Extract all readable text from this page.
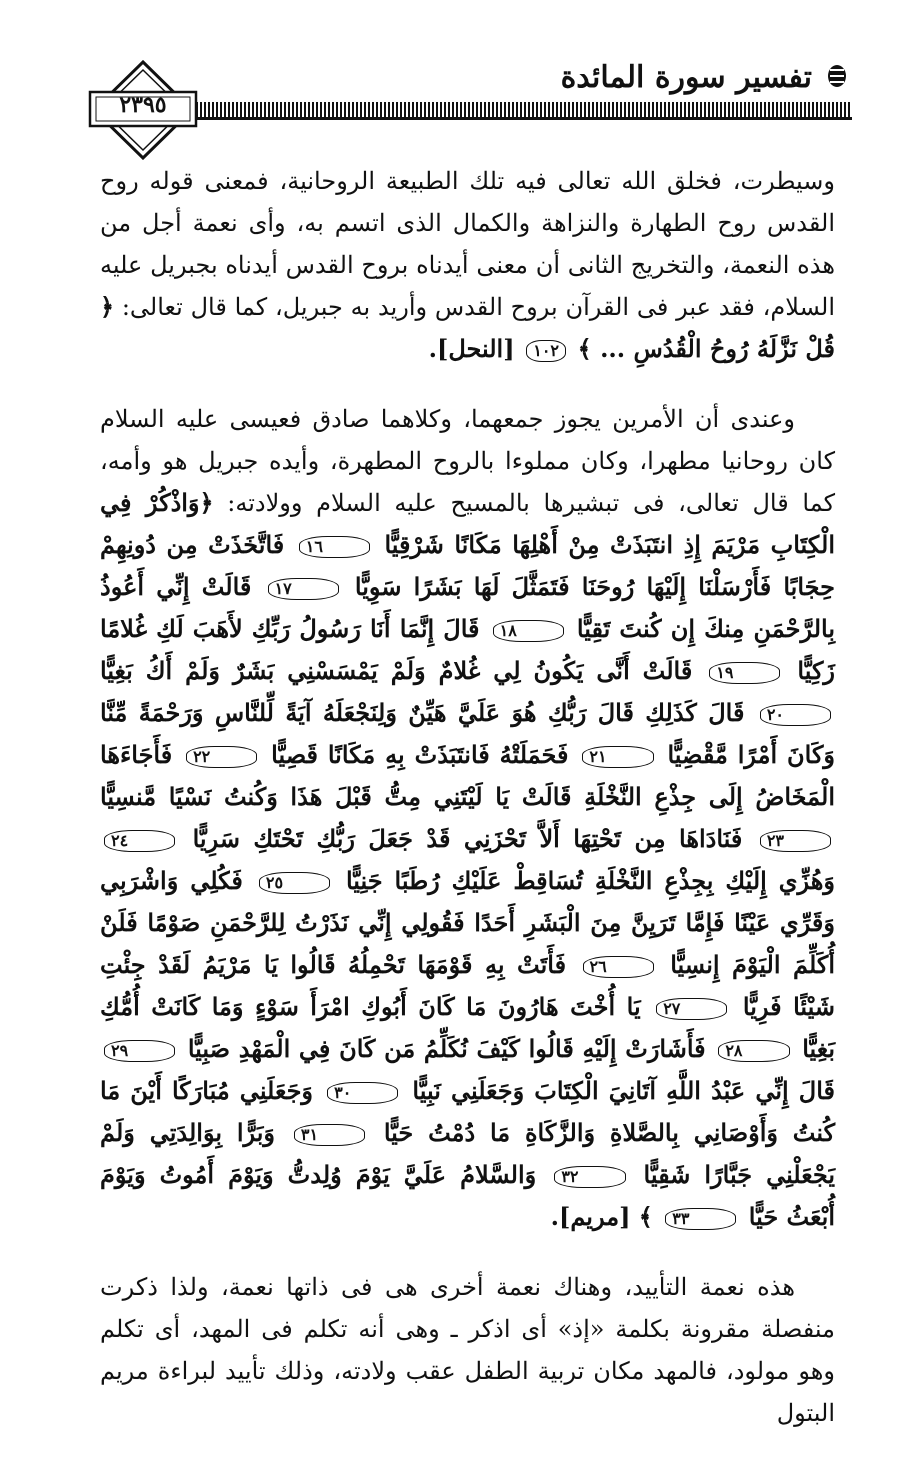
تفسير سورة المائدة
٢٣٩٥

وسيطرت، فخلق الله تعالى فيه تلك الطبيعة الروحانية، فمعنى قوله روح القدس روح الطهارة والنزاهة والكمال الذى اتسم به، وأى نعمة أجل من هذه النعمة، والتخريج الثانى أن معنى أيدناه بروح القدس أيدناه بجبريل عليه السلام، فقد عبر فى القرآن بروح القدس وأريد به جبريل، كما قال تعالى: ﴿ قُلْ نَزَّلَهُ رُوحُ الْقُدُسِ ... ﴾ ١٠٢ [النحل].

وعندى أن الأمرين يجوز جمعهما، وكلاهما صادق فعيسى عليه السلام كان روحانيا مطهرا، وكان مملوءا بالروح المطهرة، وأيده جبريل هو وأمه، كما قال تعالى، فى تبشيرها بالمسيح عليه السلام وولادته: ﴿وَاذْكُرْ فِي الْكِتَابِ مَرْيَمَ إِذِ انتَبَذَتْ مِنْ أَهْلِهَا مَكَانًا شَرْقِيًّا ١٦ فَاتَّخَذَتْ مِن دُونِهِمْ حِجَابًا فَأَرْسَلْنَا إِلَيْهَا رُوحَنَا فَتَمَثَّلَ لَهَا بَشَرًا سَوِيًّا ١٧ قَالَتْ إِنِّي أَعُوذُ بِالرَّحْمَنِ مِنكَ إِن كُنتَ تَقِيًّا ١٨ قَالَ إِنَّمَا أَنَا رَسُولُ رَبِّكِ لأَهَبَ لَكِ غُلامًا زَكِيًّا ١٩ قَالَتْ أَنَّى يَكُونُ لِي غُلامٌ وَلَمْ يَمْسَسْنِي بَشَرٌ وَلَمْ أَكُ بَغِيًّا ٢٠ قَالَ كَذَلِكِ قَالَ رَبُّكِ هُوَ عَلَيَّ هَيِّنٌ وَلِنَجْعَلَهُ آيَةً لِّلنَّاسِ وَرَحْمَةً مِّنَّا وَكَانَ أَمْرًا مَّقْضِيًّا ٢١ فَحَمَلَتْهُ فَانتَبَذَتْ بِهِ مَكَانًا قَصِيًّا ٢٢ فَأَجَاءَهَا الْمَخَاضُ إِلَى جِذْعِ النَّخْلَةِ قَالَتْ يَا لَيْتَنِي مِتُّ قَبْلَ هَذَا وَكُنتُ نَسْيًا مَّنسِيًّا ٢٣ فَنَادَاهَا مِن تَحْتِهَا أَلاَّ تَحْزَنِي قَدْ جَعَلَ رَبُّكِ تَحْتَكِ سَرِيًّا ٢٤ وَهُزِّي إِلَيْكِ بِجِذْعِ النَّخْلَةِ تُسَاقِطْ عَلَيْكِ رُطَبًا جَنِيًّا ٢٥ فَكُلِي وَاشْرَبِي وَقَرِّي عَيْنًا فَإِمَّا تَرَيِنَّ مِنَ الْبَشَرِ أَحَدًا فَقُولِي إِنِّي نَذَرْتُ لِلرَّحْمَنِ صَوْمًا فَلَنْ أُكَلِّمَ الْيَوْمَ إِنسِيًّا ٢٦ فَأَتَتْ بِهِ قَوْمَهَا تَحْمِلُهُ قَالُوا يَا مَرْيَمُ لَقَدْ جِئْتِ شَيْئًا فَرِيًّا ٢٧ يَا أُخْتَ هَارُونَ مَا كَانَ أَبُوكِ امْرَأَ سَوْءٍ وَمَا كَانَتْ أُمُّكِ بَغِيًّا ٢٨ فَأَشَارَتْ إِلَيْهِ قَالُوا كَيْفَ نُكَلِّمُ مَن كَانَ فِي الْمَهْدِ صَبِيًّا ٢٩ قَالَ إِنِّي عَبْدُ اللَّهِ آتَانِيَ الْكِتَابَ وَجَعَلَنِي نَبِيًّا ٣٠ وَجَعَلَنِي مُبَارَكًا أَيْنَ مَا كُنتُ وَأَوْصَانِي بِالصَّلاةِ وَالزَّكَاةِ مَا دُمْتُ حَيًّا ٣١ وَبَرًّا بِوَالِدَتِي وَلَمْ يَجْعَلْنِي جَبَّارًا شَقِيًّا ٣٢ وَالسَّلامُ عَلَيَّ يَوْمَ وُلِدتُّ وَيَوْمَ أَمُوتُ وَيَوْمَ أُبْعَثُ حَيًّا ٣٣ ﴾ [مريم].

هذه نعمة التأييد، وهناك نعمة أخرى هى فى ذاتها نعمة، ولذا ذكرت منفصلة مقرونة بكلمة «إذ» أى اذكر ـ وهى أنه تكلم فى المهد، أى تكلم وهو مولود، فالمهد مكان تربية الطفل عقب ولادته، وذلك تأييد لبراءة مريم البتول
